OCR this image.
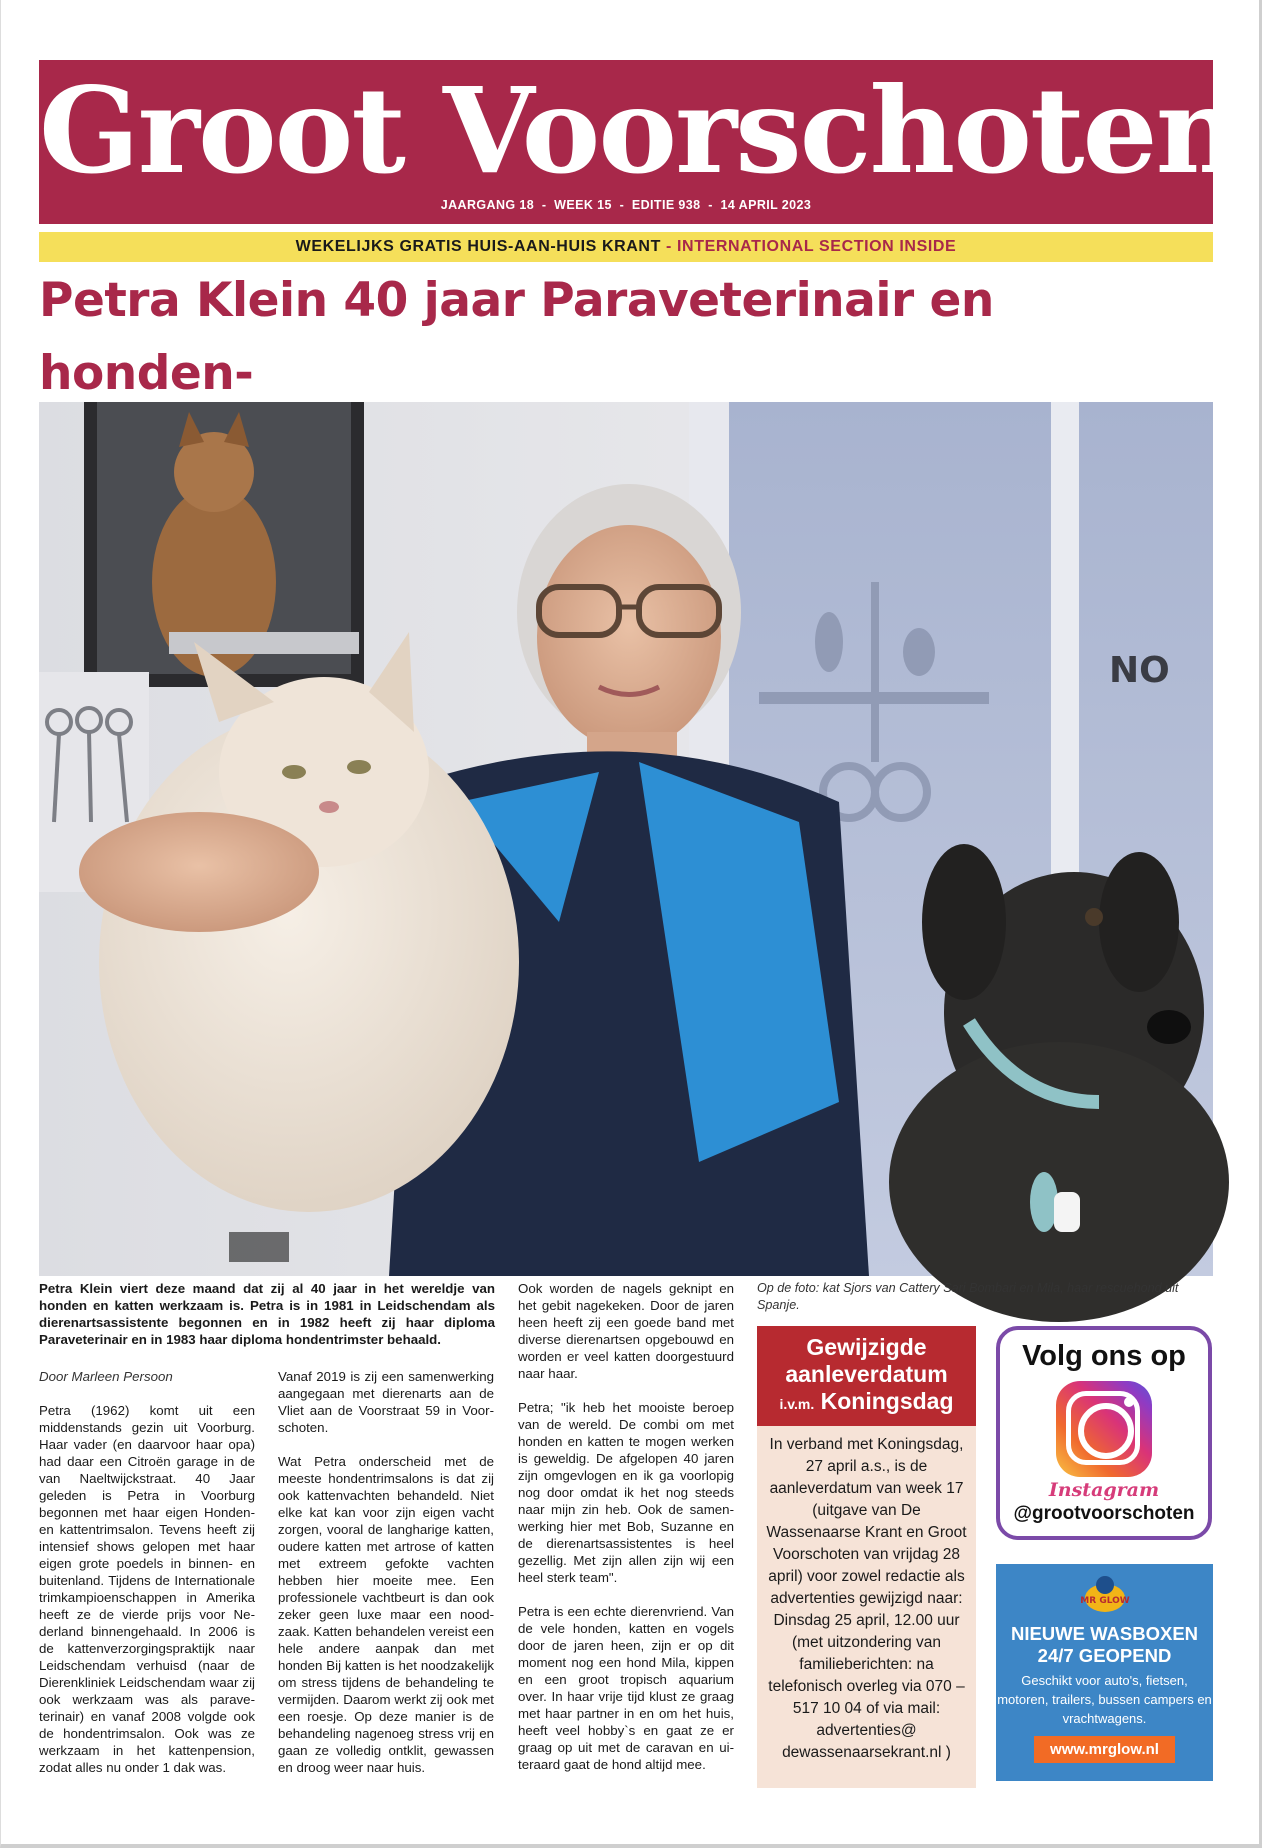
Groot Voorschoten
JAARGANG 18  -  WEEK 15  -  EDITIE 938  -  14 APRIL 2023
WEKELIJKS GRATIS HUIS-AAN-HUIS KRANT - INTERNATIONAL SECTION INSIDE
Petra Klein 40 jaar Paraveterinair en honden-

NO

Petra Klein viert deze maand dat zij al 40 jaar in het wereldje van honden en katten werkzaam is. Petra is in 1981 in Leidschendam als dierenartsassistente begonnen en in 1982 heeft zij haar diploma Paraveterinair en in 1983 haar diploma hondentrimster behaald.

Door Marleen Persoon

Petra (1962) komt uit een middenstands gezin uit Voorburg. Haar vader (en daarvoor haar opa) had daar een Citroën garage in de van Naeltwijckstraat. 40 Jaar geleden is Petra in Voorburg begonnen met haar eigen Honden- en kattentrimsalon. Tevens heeft zij intensief shows gelopen met haar eigen grote poedels in binnen- en buitenland. Tijdens de Internationale trimkampioenschappen in Amerika heeft ze de vierde prijs voor Nederland binnengehaald. In 2006 is de kattenverzorgingspraktijk naar Leidschendam verhuisd (naar de Dierenkliniek Leidschendam waar zij ook werkzaam was als paraveterinair) en vanaf 2008 volgde ook de hondentrimsalon. Ook was ze werkzaam in het kattenpension, zodat alles nu onder 1 dak was.

Vanaf 2019 is zij een samenwerking aangegaan met dierenarts aan de Vliet aan de Voorstraat 59 in Voorschoten.

Wat Petra onderscheid met de meeste hondentrimsalons is dat zij ook kattenvachten behandeld. Niet elke kat kan voor zijn eigen vacht zorgen, vooral de langharige katten, oudere katten met artrose of katten met extreem gefokte vachten hebben hier moeite mee. Een professionele vachtbeurt is dan ook zeker geen luxe maar een noodzaak. Katten behandelen vereist een hele andere aanpak dan met honden Bij katten is het noodzakelijk om stress tijdens de behandeling te vermijden. Daarom werkt zij ook met een roesje. Op deze manier is de behandeling nagenoeg stress vrij en gaan ze volledig ontklit, gewassen en droog weer naar huis.

Ook worden de nagels geknipt en het gebit nagekeken. Door de jaren heen heeft zij een goede band met diverse dierenartsen opgebouwd en worden er veel katten doorgestuurd naar haar.

Petra; "ik heb het mooiste beroep van de wereld. De combi om met honden en katten te mogen werken is geweldig. De afgelopen 40 jaren zijn omgevlogen en ik ga voorlopig nog door omdat ik het nog steeds naar mijn zin heb. Ook de samenwerking hier met Bob, Suzanne en de dierenartsassistentes is heel gezellig. Met zijn allen zijn wij een heel sterk team".

Petra is een echte dierenvriend. Van de vele honden, katten en vogels door de jaren heen, zijn er op dit moment nog een hond Mila, kippen en een groot tropisch aquarium over. In haar vrije tijd klust ze graag met haar partner in en om het huis, heeft veel hobby`s en gaat ze er graag op uit met de caravan en uiteraard gaat de hond altijd mee.

Op de foto: kat Sjors van Cattery Sari Bombari en Mila, haar rescuehond uit Spanje.
Gewijzigde
aanleverdatum
i.v.m. Koningsdag
In verband met Koningsdag, 27 april a.s., is de aanleverdatum van week 17 (uitgave van De Wassenaarse Krant en Groot Voorschoten van vrijdag 28 april) voor zowel redactie als advertenties gewijzigd naar: Dinsdag 25 april, 12.00 uur (met uitzondering van familieberichten: na telefonisch overleg via 070 – 517 10 04 of via mail: advertenties@ dewassenaarsekrant.nl )
Volg ons op
Instagram
@grootvoorschoten
MR GLOW
NIEUWE WASBOXEN
24/7 GEOPEND
Geschikt voor auto's, fietsen, motoren, trailers, bussen campers en vrachtwagens.
www.mrglow.nl
